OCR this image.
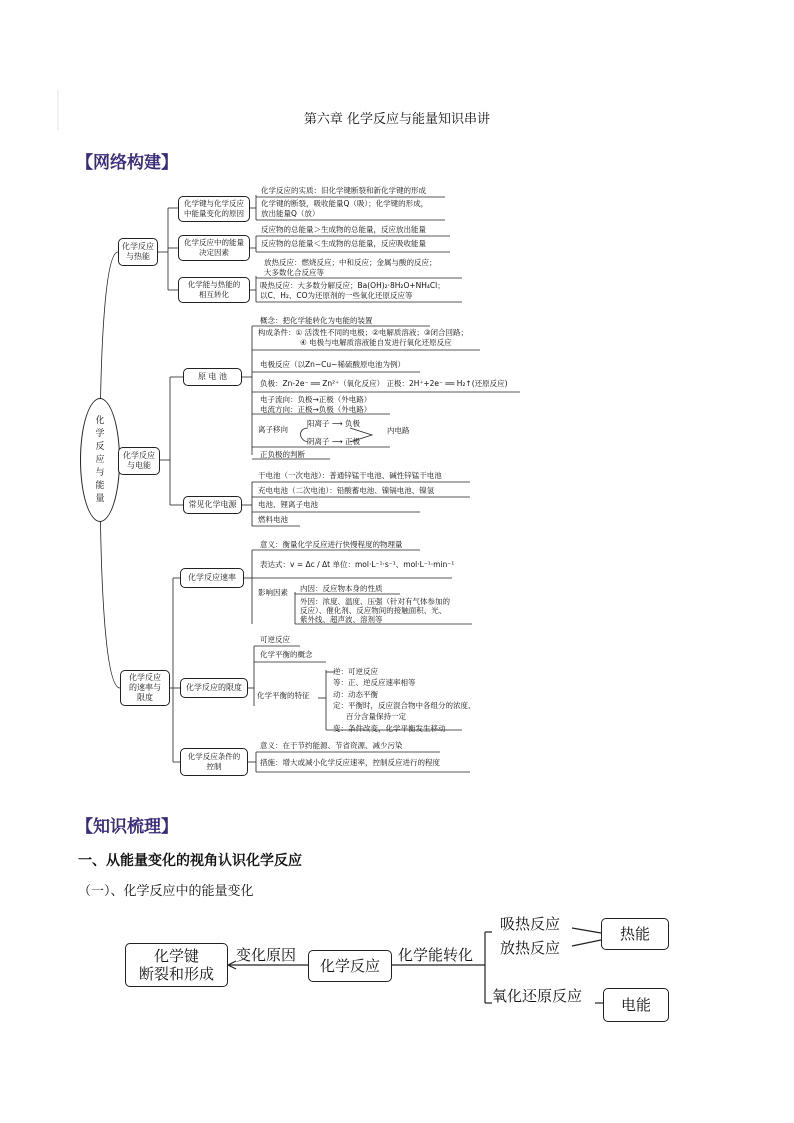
第六章 化学反应与能量知识串讲
【网络构建】
化
学
反
应
与
能
量
化学反应
与热能
化学反应
与电能
化学反应
的速率与
限度
化学键与化学反应中能量变化的原因
化学反应中的能量决定因素
化学能与热能的相互转化
化学反应的实质：旧化学键断裂和新化学键的形成
化学键的断裂，吸收能量Q（吸）；化学键的形成，
放出能量Q（放）
反应物的总能量＞生成物的总能量，反应放出能量
反应物的总能量＜生成物的总能量，反应吸收能量
放热反应：燃烧反应；中和反应；金属与酸的反应；
大多数化合反应等
吸热反应：大多数分解反应；Ba(OH)₂·8H₂O+NH₄Cl；
以C、H₂、CO为还原剂的一些氧化还原反应等
原 电 池
常见化学电源
概念：把化学能转化为电能的装置
构成条件：① 活泼性不同的电极；②电解质溶液；③闭合回路；
④ 电极与电解质溶液能自发进行氧化还原反应
电极反应（以Zn−Cu−稀硫酸原电池为例）
负极：Zn-2e⁻ ══ Zn²⁺（氧化反应） 正极：2H⁺+2e⁻ ══ H₂↑(还原反应)
电子流向：负极→正极（外电路）
电流方向：正极→负极（外电路）
离子移向
阳离子 ⟶ 负极
阴离子 ⟶ 正极
内电路
正负极的判断
干电池（一次电池）：普通锌锰干电池、碱性锌锰干电池
充电电池（二次电池）：铅酸蓄电池、镍镉电池、镍氢
电池、锂离子电池
燃料电池
化学反应速率
化学反应的限度
化学反应条件的控制
意义：衡量化学反应进行快慢程度的物理量
表达式：v = Δc / Δt 单位：mol·L⁻¹·s⁻¹、mol·L⁻¹·min⁻¹
影响因素 内因：反应物本身的性质
外因：浓度、温度、压强（针对有气体参加的
反应）、催化剂、反应物间的接触面积、光、
紫外线、超声波、溶剂等
可逆反应
化学平衡的概念
化学平衡的特征
逆：可逆反应
等：正、逆反应速率相等
动：动态平衡
定：平衡时，反应混合物中各组分的浓度、
百分含量保持一定
变：条件改变，化学平衡发生移动
意义：在于节约能源、节省资源、减少污染
措施：增大或减小化学反应速率，控制反应进行的程度
【知识梳理】
一、从能量变化的视角认识化学反应
（一）、化学反应中的能量变化
化学键
断裂和形成
变化原因
化学反应
化学能转化
吸热反应
放热反应
氧化还原反应
热能
电能
